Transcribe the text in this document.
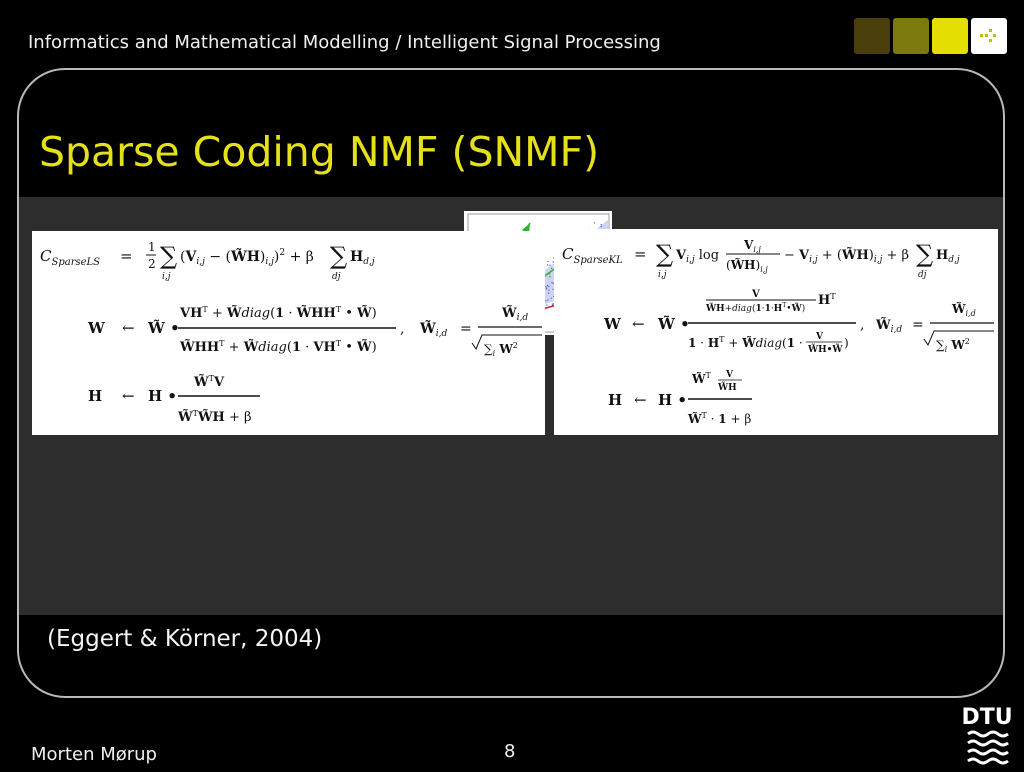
Informatics and Mathematical Modelling / Intelligent Signal Processing
Sparse Coding NMF (SNMF)
$C_{SparseLS} = 1$
2 ∑
i,j
($V_{i,j}$ − $(W̃H)_{i,j})^2 + \beta$ ∑
dj
$H_{d,j}$
W ← W̃ •
$VH^T$ + W̃diag(1 · $W̃HH^T$ • W̃)
$W̃HH^T$ + W̃diag(1 · $VH^T$ • W̃)
, $W̃_{i,d}$ =
$W̃_{i,d}$
$\sum_i$ $W^2$
H ← H •
W̃$^T$V
W̃$^T$W̃H + β
$C_{SparseKL}$ = ∑
i,j
$V_{i,j}$ log
$V_{i,j}$
$(W̃H)_{i,j}$
− $V_{i,j}$ + $(W̃H)_{i,j} + \beta$ ∑
dj
$H_{d,j}$
W ← W̃ •
V
$W̃H+diag(1\cdot 1\cdot H^T•W̃)$
$H^T$
$1 \cdot H^T$ + W̃diag(1 · V
W̃H•W̃ )
, $W̃_{i,d}$ =
$W̃_{i,d}$
$\sum_i$ $W^2$
H ← H •
W̃$^T$ V
W̃H
W̃$^T$ · 1 + β

(Eggert & Körner, 2004)

Morten Mørup	8
DTU
